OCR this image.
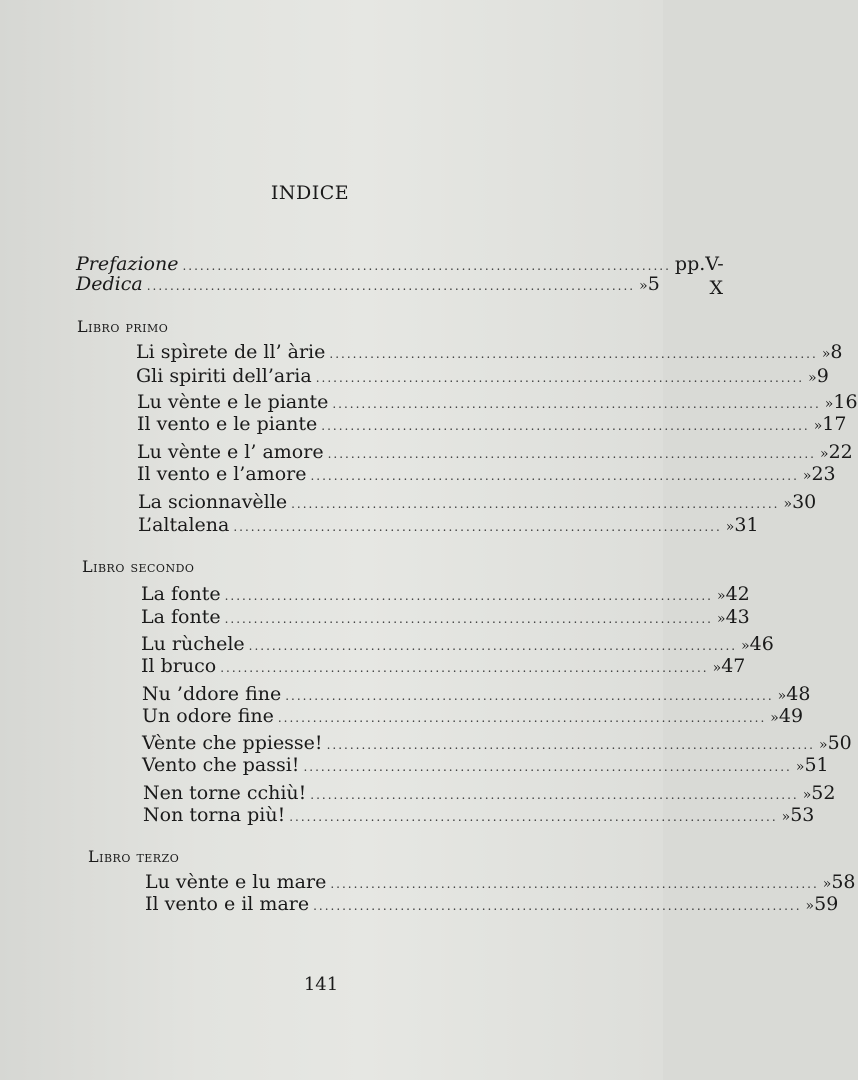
INDICE
Prefazione .................................................................................... pp.V-X
Dedica .................................................................................... » 5
Libro primo
Li spìrete de ll’ àrie .................................................................................... » 8
Gli spiriti dell’aria .................................................................................... » 9
Lu vènte e le piante .................................................................................... » 16
Il vento e le piante .................................................................................... » 17
Lu vènte e l’ amore .................................................................................... » 22
Il vento e l’amore .................................................................................... » 23
La scionnavèlle .................................................................................... » 30
L’altalena .................................................................................... » 31
Libro secondo
La fonte .................................................................................... » 42
La fonte .................................................................................... » 43
Lu rùchele .................................................................................... » 46
Il bruco .................................................................................... » 47
Nu ’ddore fine .................................................................................... » 48
Un odore fine .................................................................................... » 49
Vènte che ppiesse! .................................................................................... » 50
Vento che passi! .................................................................................... » 51
Nen torne cchiù! .................................................................................... » 52
Non torna più! .................................................................................... » 53
Libro terzo
Lu vènte e lu mare .................................................................................... » 58
Il vento e il mare .................................................................................... » 59
141
